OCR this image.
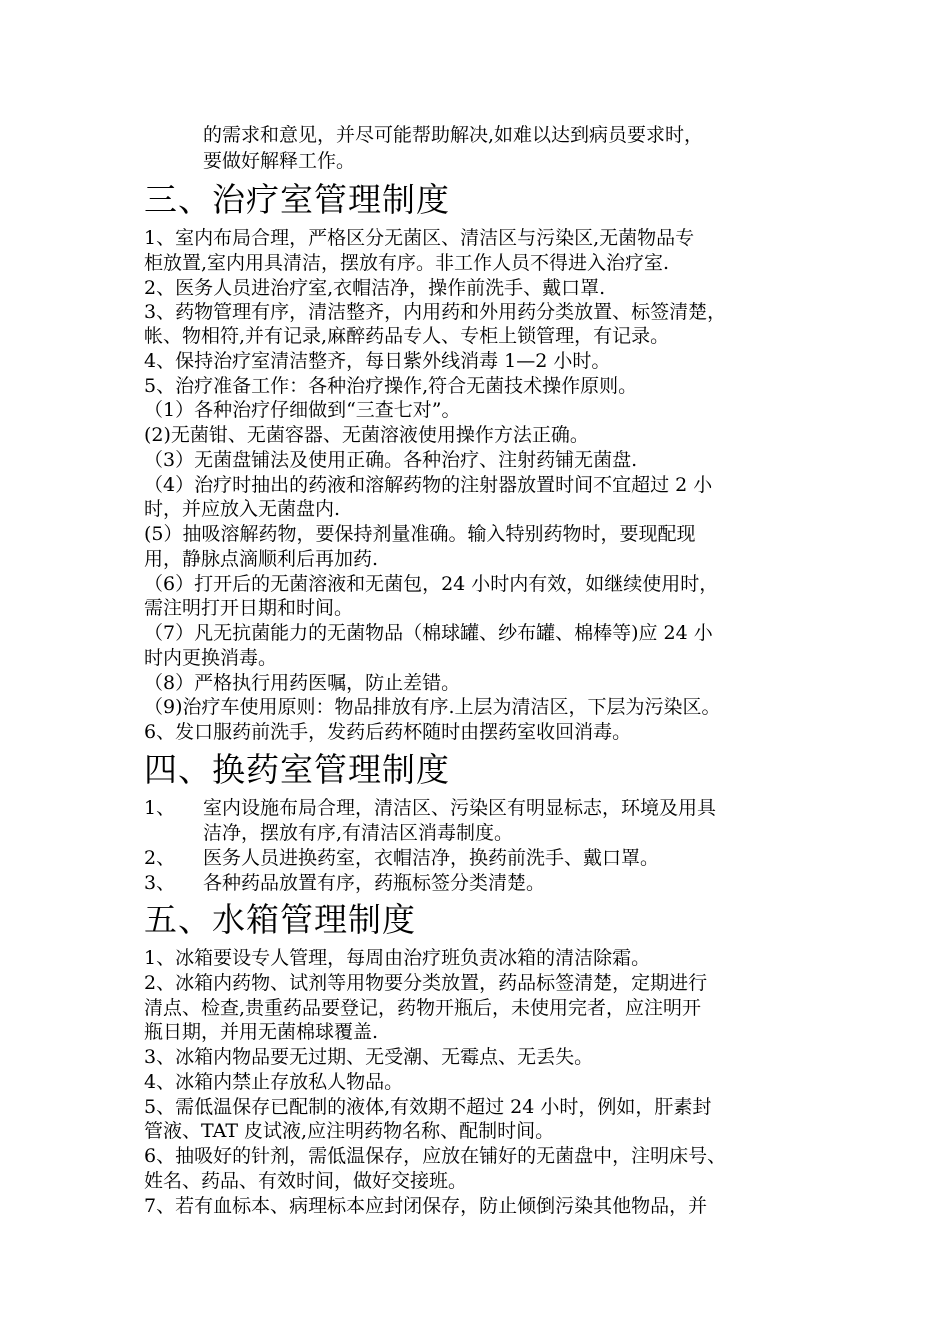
的需求和意见，并尽可能帮助解决,如难以达到病员要求时，
要做好解释工作。
三、治疗室管理制度
1、室内布局合理，严格区分无菌区、清洁区与污染区,无菌物品专
柜放置,室内用具清洁，摆放有序。非工作人员不得进入治疗室.
2、医务人员进治疗室,衣帽洁净，操作前洗手、戴口罩.
3、药物管理有序，清洁整齐，内用药和外用药分类放置、标签清楚，
帐、物相符,并有记录,麻醉药品专人、专柜上锁管理，有记录。
4、保持治疗室清洁整齐，每日紫外线消毒 1—2 小时。
5、治疗准备工作：各种治疗操作,符合无菌技术操作原则。
（1）各种治疗仔细做到“三查七对”。
(2)无菌钳、无菌容器、无菌溶液使用操作方法正确。
（3）无菌盘铺法及使用正确。各种治疗、注射药铺无菌盘.
（4）治疗时抽出的药液和溶解药物的注射器放置时间不宜超过 2 小
时，并应放入无菌盘内.
(5）抽吸溶解药物，要保持剂量准确。输入特别药物时，要现配现
用，静脉点滴顺利后再加药.
（6）打开后的无菌溶液和无菌包，24 小时内有效，如继续使用时，
需注明打开日期和时间。
（7）凡无抗菌能力的无菌物品（棉球罐、纱布罐、棉棒等)应 24 小
时内更换消毒。
（8）严格执行用药医嘱，防止差错。
（9)治疗车使用原则：物品排放有序.上层为清洁区，下层为污染区。
6、发口服药前洗手，发药后药杯随时由摆药室收回消毒。
四、换药室管理制度
1、 室内设施布局合理，清洁区、污染区有明显标志，环境及用具
洁净，摆放有序,有清洁区消毒制度。
2、 医务人员进换药室，衣帽洁净，换药前洗手、戴口罩。
3、 各种药品放置有序，药瓶标签分类清楚。
五、水箱管理制度
1、冰箱要设专人管理，每周由治疗班负责冰箱的清洁除霜。
2、冰箱内药物、试剂等用物要分类放置，药品标签清楚，定期进行
清点、检查,贵重药品要登记，药物开瓶后，未使用完者，应注明开
瓶日期，并用无菌棉球覆盖.
3、冰箱内物品要无过期、无受潮、无霉点、无丢失。
4、冰箱内禁止存放私人物品。
5、需低温保存已配制的液体,有效期不超过 24 小时，例如，肝素封
管液、TAT 皮试液,应注明药物名称、配制时间。
6、抽吸好的针剂，需低温保存，应放在铺好的无菌盘中，注明床号、
姓名、药品、有效时间，做好交接班。
7、若有血标本、病理标本应封闭保存，防止倾倒污染其他物品，并
